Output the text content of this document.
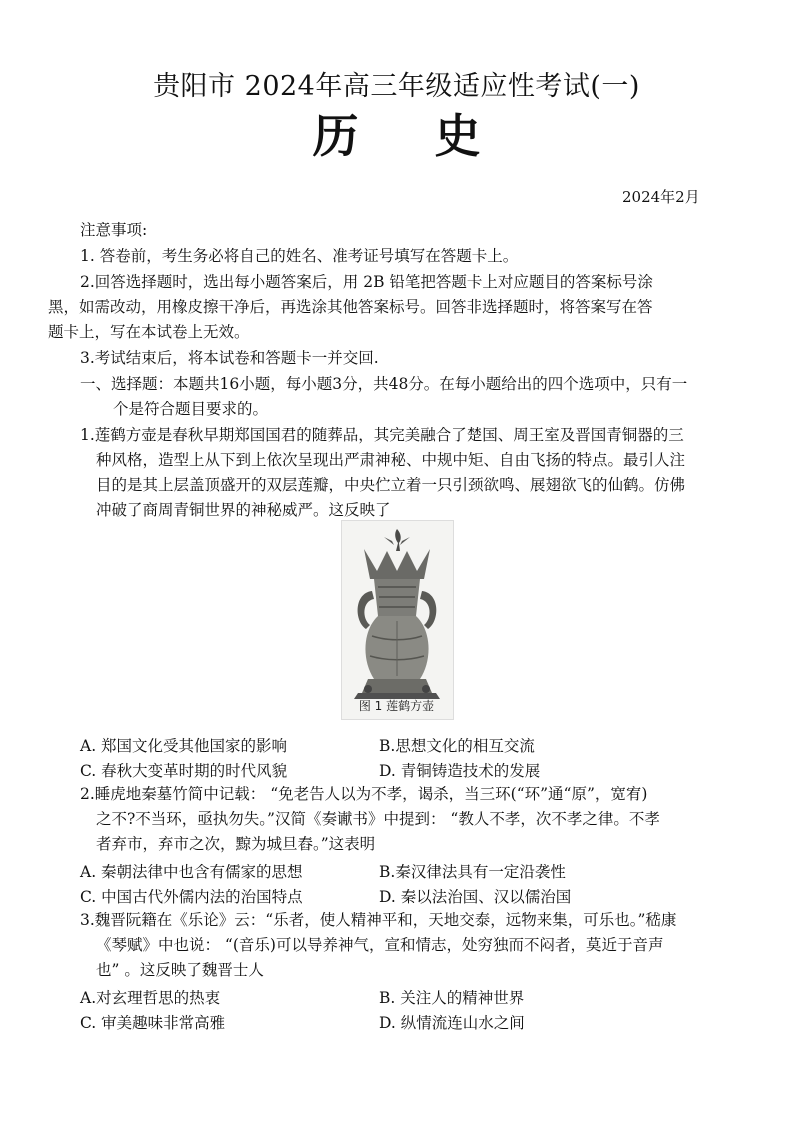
贵阳市 2024年高三年级适应性考试(一)
历 史
2024年2月
注意事项:
1. 答卷前，考生务必将自己的姓名、准考证号填写在答题卡上。
2.回答选择题时，选出每小题答案后，用 2B 铅笔把答题卡上对应题目的答案标号涂
黑，如需改动，用橡皮擦干净后，再选涂其他答案标号。回答非选择题时，将答案写在答
题卡上，写在本试卷上无效。
3.考试结束后，将本试卷和答题卡一并交回.
一、选择题：本题共16小题，每小题3分，共48分。在每小题给出的四个选项中，只有一
个是符合题目要求的。
1.莲鹤方壶是春秋早期郑国国君的随葬品，其完美融合了楚国、周王室及晋国青铜器的三
种风格，造型上从下到上依次呈现出严肃神秘、中规中矩、自由飞扬的特点。最引人注
目的是其上层盖顶盛开的双层莲瓣，中央伫立着一只引颈欲鸣、展翅欲飞的仙鹤。仿佛
冲破了商周青铜世界的神秘威严。这反映了
图 1 莲鹤方壶
A. 郑国文化受其他国家的影响	B.思想文化的相互交流
C. 春秋大变革时期的时代风貌	D. 青铜铸造技术的发展
2.睡虎地秦墓竹简中记载： “免老告人以为不孝，谒杀，当三环(“环”通“原”，宽宥)
之不?不当环，亟执勿失。”汉简《奏谳书》中提到： “教人不孝，次不孝之律。不孝
者弃市，弃市之次，黥为城旦舂。”这表明
A. 秦朝法律中也含有儒家的思想	B.秦汉律法具有一定沿袭性
C. 中国古代外儒内法的治国特点	D. 秦以法治国、汉以儒治国
3.魏晋阮籍在《乐论》云：“乐者，使人精神平和，天地交泰，远物来集，可乐也。”嵇康
《琴赋》中也说： “(音乐)可以导养神气，宣和情志，处穷独而不闷者，莫近于音声
也” 。这反映了魏晋士人
A.对玄理哲思的热衷	B. 关注人的精神世界
C. 审美趣味非常高雅	D. 纵情流连山水之间
